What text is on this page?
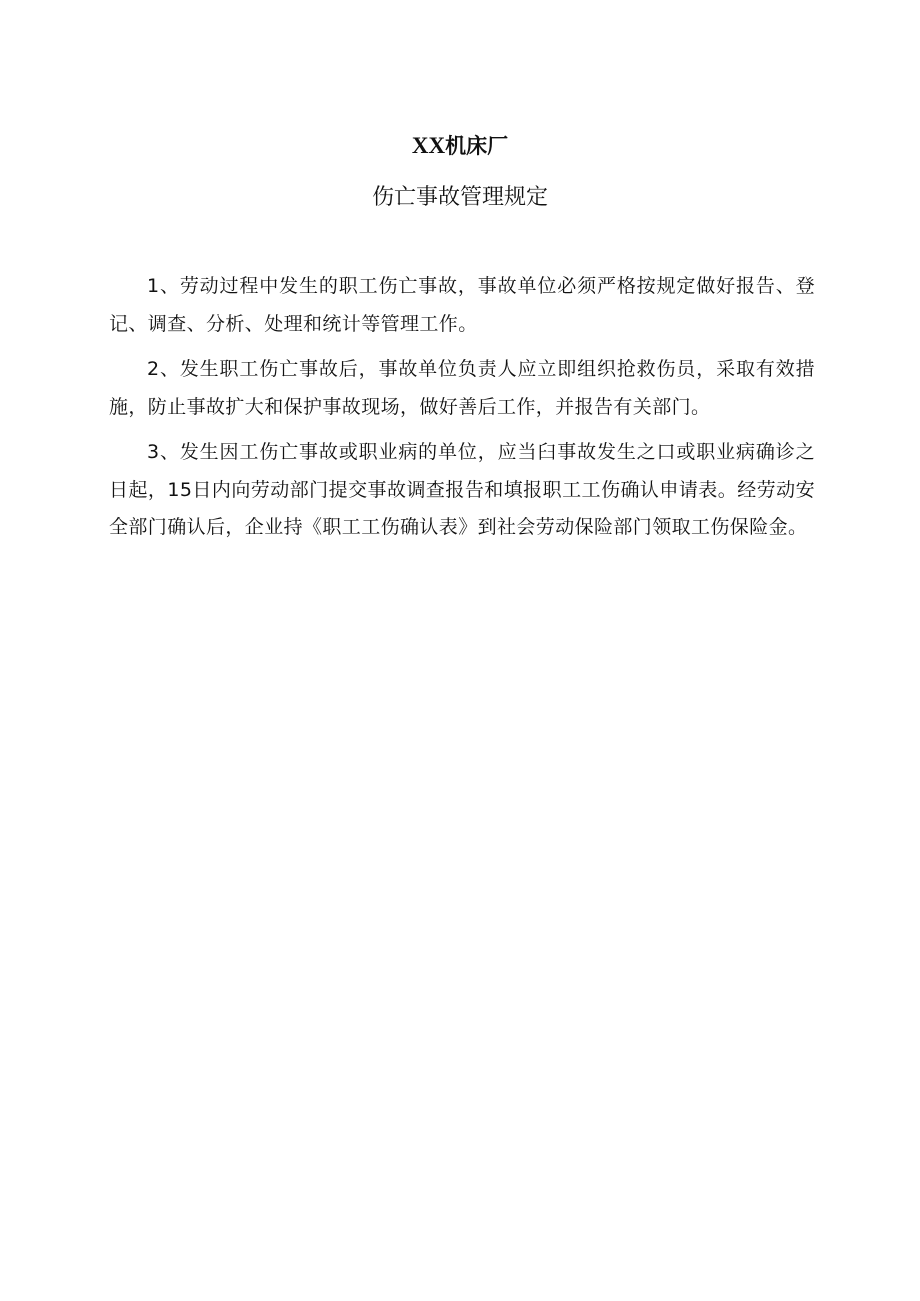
XX机床厂
伤亡事故管理规定

1、劳动过程中发生的职工伤亡事故，事故单位必须严格按规定做好报告、登记、调查、分析、处理和统计等管理工作。

2、发生职工伤亡事故后，事故单位负责人应立即组织抢救伤员，采取有效措施，防止事故扩大和保护事故现场，做好善后工作，并报告有关部门。

3、发生因工伤亡事故或职业病的单位，应当臼事故发生之口或职业病确诊之日起，15日内向劳动部门提交事故调查报告和填报职工工伤确认申请表。经劳动安全部门确认后，企业持《职工工伤确认表》到社会劳动保险部门领取工伤保险金。
